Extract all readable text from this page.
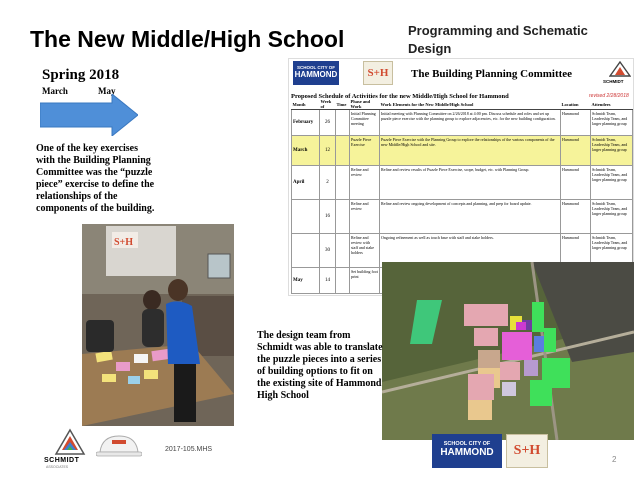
The New Middle/High School	Programming and Schematic Design
Spring 2018
March	May
One of the key exercises with the Building Planning Committee was the “puzzle piece” exercise to define the relationships of the components of the building.
S+H
SCHOOL CITY OF
HAMMOND	S+H	The Building Planning Committee
SCHMIDT
Proposed Schedule of Activities for the new Middle/High School for Hammond	revised 2/28/2018
Month	Week of	Time	Phase and Work	Work Elements for the New Middle/High School	Location	Attendees
February	26		Initial Planning Committee meeting	Initial meeting with Planning Committee on 2/26/2018 at 4:00 pm. Discuss schedule and roles and set up puzzle piece exercise with the planning group to explore adjacencies, etc. for the new building configuration.	Hammond	Schmidt Team, Leadership Team, and larger planning group
March	12		Puzzle Piece Exercise	Puzzle Piece Exercise with the Planning Group to explore the relationships of the various components of the new Middle/High School and site.	Hammond	Schmidt Team, Leadership Team, and larger planning group
April	2		Refine and review	Refine and review results of Puzzle Piece Exercise, scope, budget, etc. with Planning Group.	Hammond	Schmidt Team, Leadership Team, and larger planning group
	16		Refine and review	Refine and review ongoing development of concepts and planning, and prep for board update.	Hammond	Schmidt Team, Leadership Team, and larger planning group
	30		Refine and review with staff and stake holders	Ongoing refinement as well as touch base with staff and stake holders.	Hammond	Schmidt Team, Leadership Team, and larger planning group
May	14		Set building foot print			
The design team from Schmidt was able to translate the puzzle pieces into a series of building options to fit on the existing site of Hammond High School
SCHMIDT
ASSOCIATES
2017-105.MHS
SCHOOL CITY OF
HAMMOND	S+H
2
